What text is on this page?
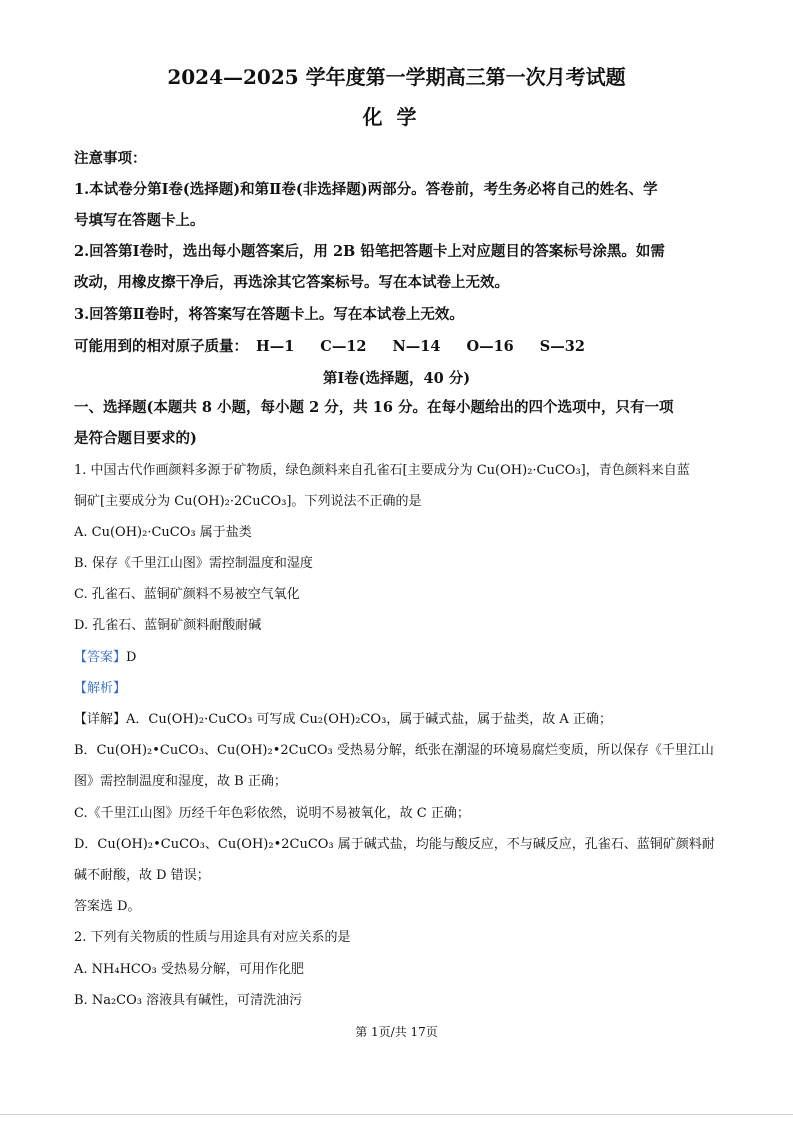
2024—2025 学年度第一学期高三第一次月考试题
化学
注意事项：
1.本试卷分第Ⅰ卷(选择题)和第Ⅱ卷(非选择题)两部分。答卷前，考生务必将自己的姓名、学
号填写在答题卡上。
2.回答第Ⅰ卷时，选出每小题答案后，用 2B 铅笔把答题卡上对应题目的答案标号涂黑。如需
改动，用橡皮擦干净后，再选涂其它答案标号。写在本试卷上无效。
3.回答第Ⅱ卷时，将答案写在答题卡上。写在本试卷上无效。
可能用到的相对原子质量： H—1 C—12 N—14 O—16 S—32
第Ⅰ卷(选择题，40 分)
一、选择题(本题共 8 小题，每小题 2 分，共 16 分。在每小题给出的四个选项中，只有一项
是符合题目要求的)
1. 中国古代作画颜料多源于矿物质，绿色颜料来自孔雀石[主要成分为 Cu(OH)₂·CuCO₃]，青色颜料来自蓝
铜矿[主要成分为 Cu(OH)₂·2CuCO₃]。下列说法不正确的是
A. Cu(OH)₂·CuCO₃ 属于盐类
B. 保存《千里江山图》需控制温度和湿度
C. 孔雀石、蓝铜矿颜料不易被空气氧化
D. 孔雀石、蓝铜矿颜料耐酸耐碱
【答案】D
【解析】
【详解】A．Cu(OH)₂·CuCO₃ 可写成 Cu₂(OH)₂CO₃，属于碱式盐，属于盐类，故 A 正确；
B．Cu(OH)₂•CuCO₃、Cu(OH)₂•2CuCO₃ 受热易分解，纸张在潮湿的环境易腐烂变质，所以保存《千里江山
图》需控制温度和湿度，故 B 正确；
C.《千里江山图》历经千年色彩依然，说明不易被氧化，故 C 正确；
D．Cu(OH)₂•CuCO₃、Cu(OH)₂•2CuCO₃ 属于碱式盐，均能与酸反应，不与碱反应，孔雀石、蓝铜矿颜料耐
碱不耐酸，故 D 错误；
答案选 D。
2. 下列有关物质的性质与用途具有对应关系的是
A. NH₄HCO₃ 受热易分解，可用作化肥
B. Na₂CO₃ 溶液具有碱性，可清洗油污
第 1页/共 17页
